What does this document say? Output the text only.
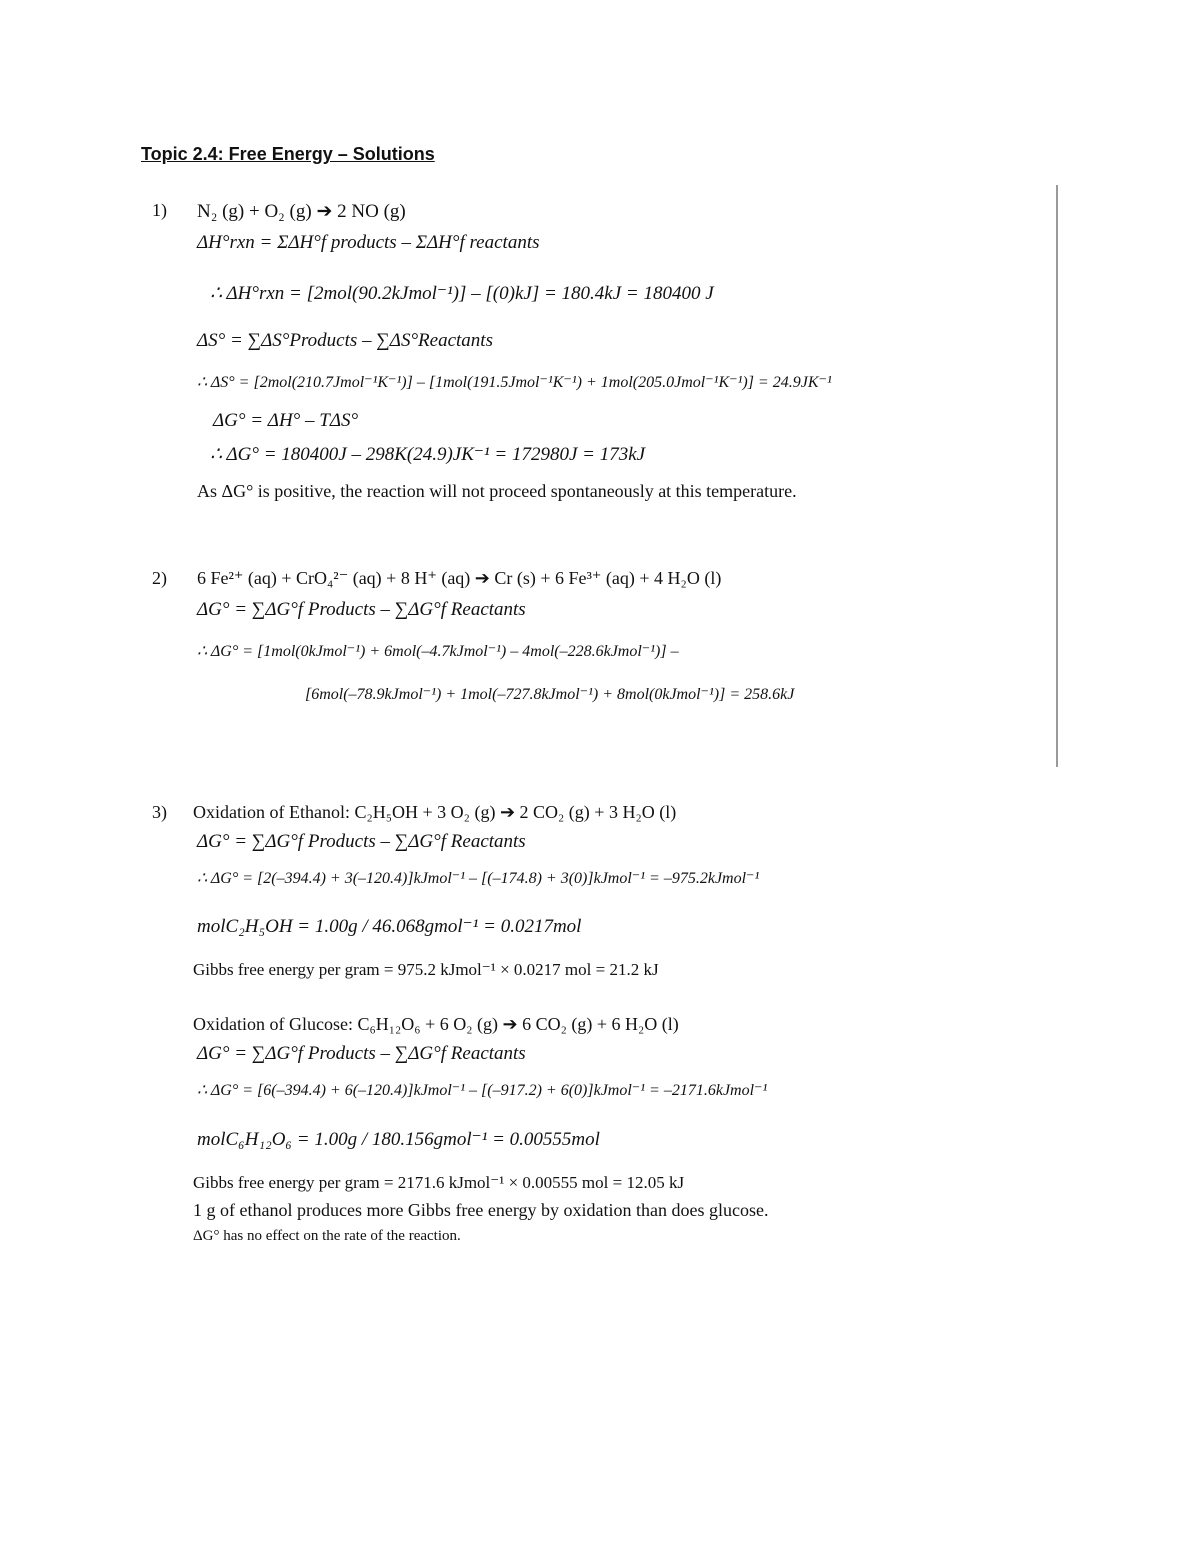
Topic 2.4: Free Energy – Solutions
1) N₂ (g) + O₂ (g) ➔ 2 NO (g)
ΔH°rxn = ΣΔH°f products – ΣΔH°f reactants
∴ ΔH°rxn = [2mol(90.2kJmol⁻¹)] – [(0)kJ] = 180.4kJ = 180400 J
ΔS° = ∑ΔS°Products – ∑ΔS°Reactants
∴ ΔS° = [2mol(210.7Jmol⁻¹K⁻¹)] – [1mol(191.5Jmol⁻¹K⁻¹) + 1mol(205.0Jmol⁻¹K⁻¹)] = 24.9JK⁻¹
ΔG° = ΔH° – TΔS°
∴ ΔG° = 180400J – 298K(24.9)JK⁻¹ = 172980J = 173kJ
As ΔG° is positive, the reaction will not proceed spontaneously at this temperature.
2) 6 Fe²⁺ (aq) + CrO₄²⁻ (aq) + 8 H⁺ (aq) ➔ Cr (s) + 6 Fe³⁺ (aq) + 4 H₂O (l)
ΔG° = ∑ΔG°f Products – ∑ΔG°f Reactants
∴ ΔG° = [1mol(0kJmol⁻¹) + 6mol(–4.7kJmol⁻¹) – 4mol(–228.6kJmol⁻¹)] –
[6mol(–78.9kJmol⁻¹) + 1mol(–727.8kJmol⁻¹) + 8mol(0kJmol⁻¹)] = 258.6kJ
3) Oxidation of Ethanol: C₂H₅OH + 3 O₂ (g) ➔ 2 CO₂ (g) + 3 H₂O (l)
ΔG° = ∑ΔG°f Products – ∑ΔG°f Reactants
∴ ΔG° = [2(–394.4) + 3(–120.4)]kJmol⁻¹ – [(–174.8) + 3(0)]kJmol⁻¹ = –975.2kJmol⁻¹
molC₂H₅OH = 1.00g / 46.068gmol⁻¹ = 0.0217mol
Gibbs free energy per gram = 975.2 kJmol⁻¹ × 0.0217 mol = 21.2 kJ
Oxidation of Glucose: C₆H₁₂O₆ + 6 O₂ (g) ➔ 6 CO₂ (g) + 6 H₂O (l)
ΔG° = ∑ΔG°f Products – ∑ΔG°f Reactants
∴ ΔG° = [6(–394.4) + 6(–120.4)]kJmol⁻¹ – [(–917.2) + 6(0)]kJmol⁻¹ = –2171.6kJmol⁻¹
molC₆H₁₂O₆ = 1.00g / 180.156gmol⁻¹ = 0.00555mol
Gibbs free energy per gram = 2171.6 kJmol⁻¹ × 0.00555 mol = 12.05 kJ
1 g of ethanol produces more Gibbs free energy by oxidation than does glucose.
ΔG° has no effect on the rate of the reaction.
